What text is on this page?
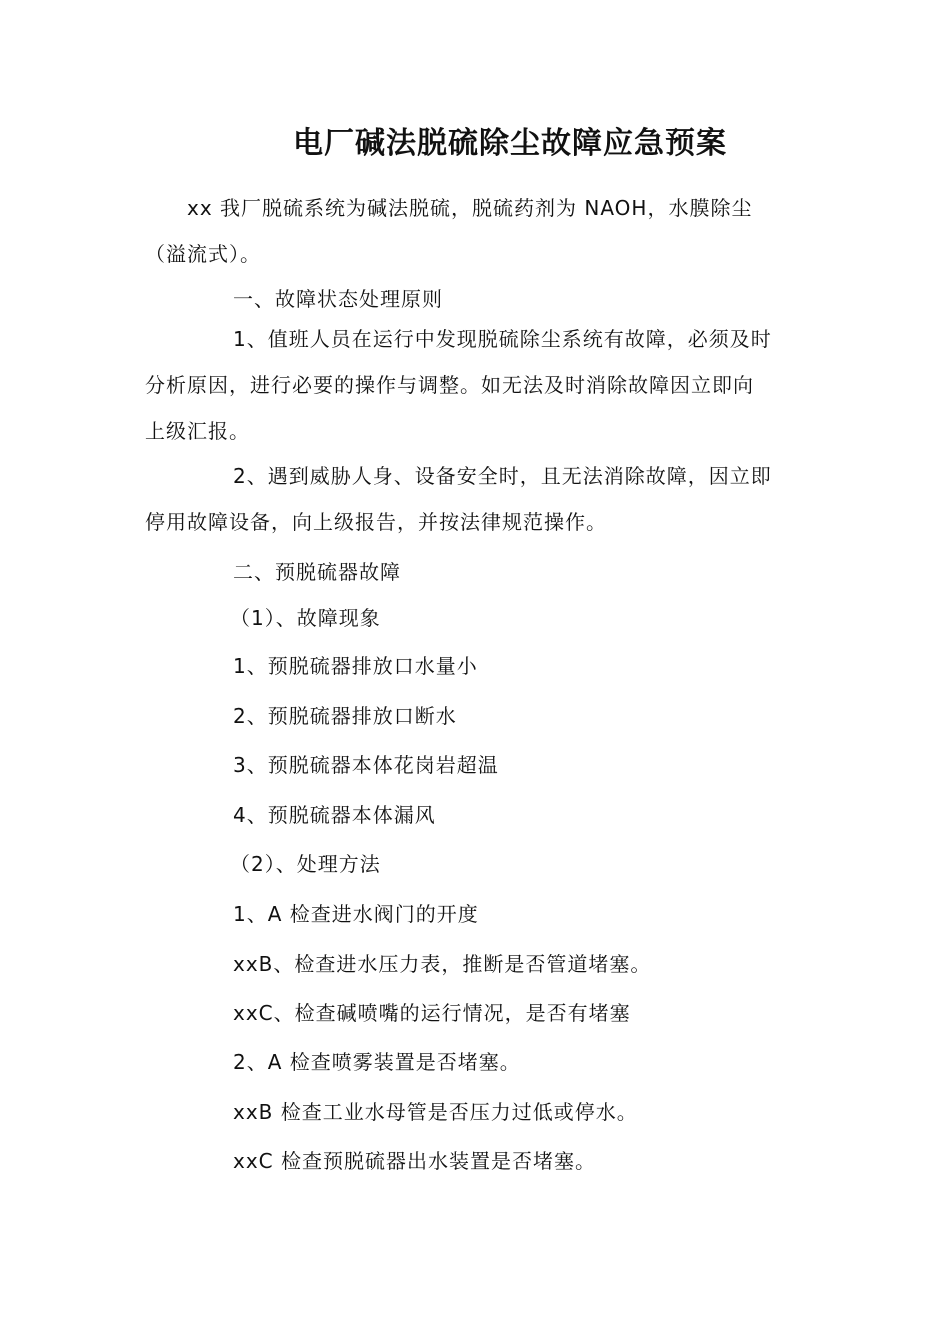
电厂碱法脱硫除尘故障应急预案
xx 我厂脱硫系统为碱法脱硫，脱硫药剂为 NAOH，水膜除尘
（溢流式）。
一、故障状态处理原则
1、值班人员在运行中发现脱硫除尘系统有故障，必须及时
分析原因，进行必要的操作与调整。如无法及时消除故障因立即向
上级汇报。
2、遇到威胁人身、设备安全时，且无法消除故障，因立即
停用故障设备，向上级报告，并按法律规范操作。
二、预脱硫器故障
（1）、故障现象
1、预脱硫器排放口水量小
2、预脱硫器排放口断水
3、预脱硫器本体花岗岩超温
4、预脱硫器本体漏风
（2）、处理方法
1、A 检查进水阀门的开度
xxB、检查进水压力表，推断是否管道堵塞。
xxC、检查碱喷嘴的运行情况，是否有堵塞
2、A 检查喷雾装置是否堵塞。
xxB 检查工业水母管是否压力过低或停水。
xxC 检查预脱硫器出水装置是否堵塞。
